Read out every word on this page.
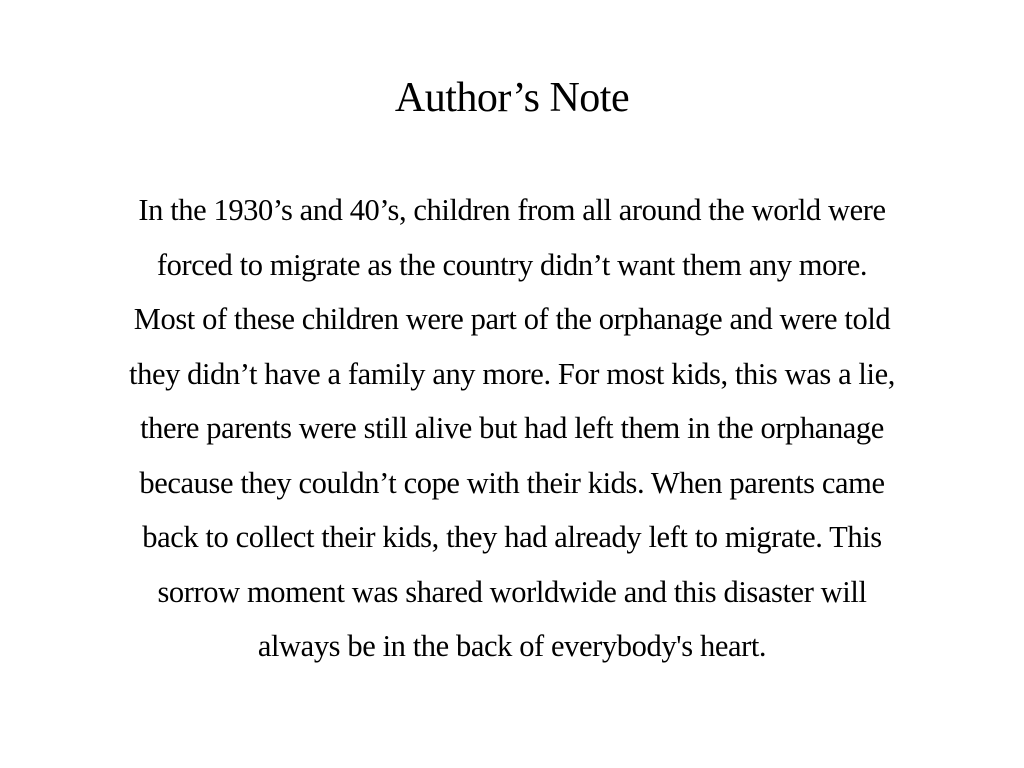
Author’s Note
In the 1930’s and 40’s, children from all around the world were
forced to migrate as the country didn’t want them any more.
Most of these children were part of the orphanage and were told
they didn’t have a family any more. For most kids, this was a lie,
there parents were still alive but had left them in the orphanage
because they couldn’t cope with their kids. When parents came
back to collect their kids, they had already left to migrate. This
sorrow moment was shared worldwide and this disaster will
always be in the back of everybody's heart.
